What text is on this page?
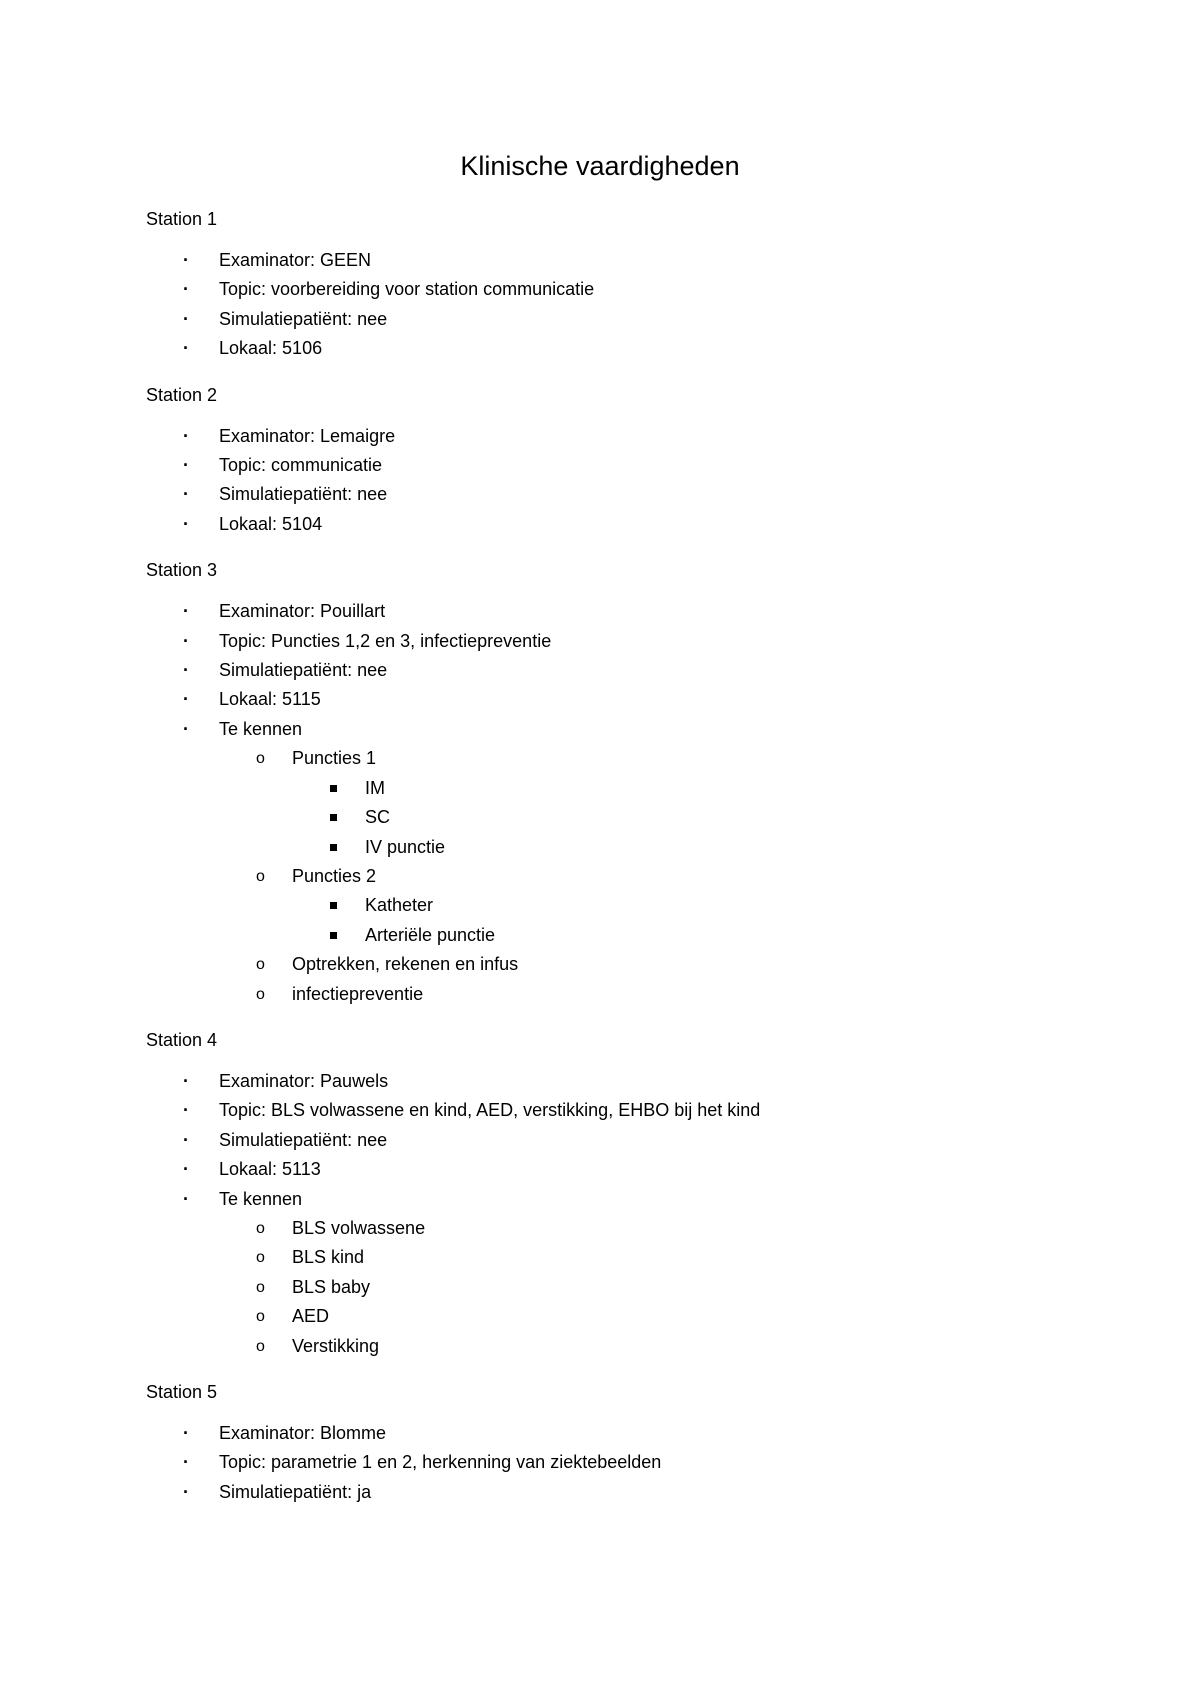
Klinische vaardigheden
Station 1
· Examinator: GEEN
· Topic: voorbereiding voor station communicatie
· Simulatiepatiënt: nee
· Lokaal: 5106
Station 2
· Examinator: Lemaigre
· Topic: communicatie
· Simulatiepatiënt: nee
· Lokaal: 5104
Station 3
· Examinator: Pouillart
· Topic: Puncties 1,2 en 3, infectiepreventie
· Simulatiepatiënt: nee
· Lokaal: 5115
· Te kennen
o Puncties 1
IM
SC
IV punctie
o Puncties 2
Katheter
Arteriële punctie
o Optrekken, rekenen en infus
o infectiepreventie
Station 4
· Examinator: Pauwels
· Topic: BLS volwassene en kind, AED, verstikking, EHBO bij het kind
· Simulatiepatiënt: nee
· Lokaal: 5113
· Te kennen
o BLS volwassene
o BLS kind
o BLS baby
o AED
o Verstikking
Station 5
· Examinator: Blomme
· Topic: parametrie 1 en 2, herkenning van ziektebeelden
· Simulatiepatiënt: ja
